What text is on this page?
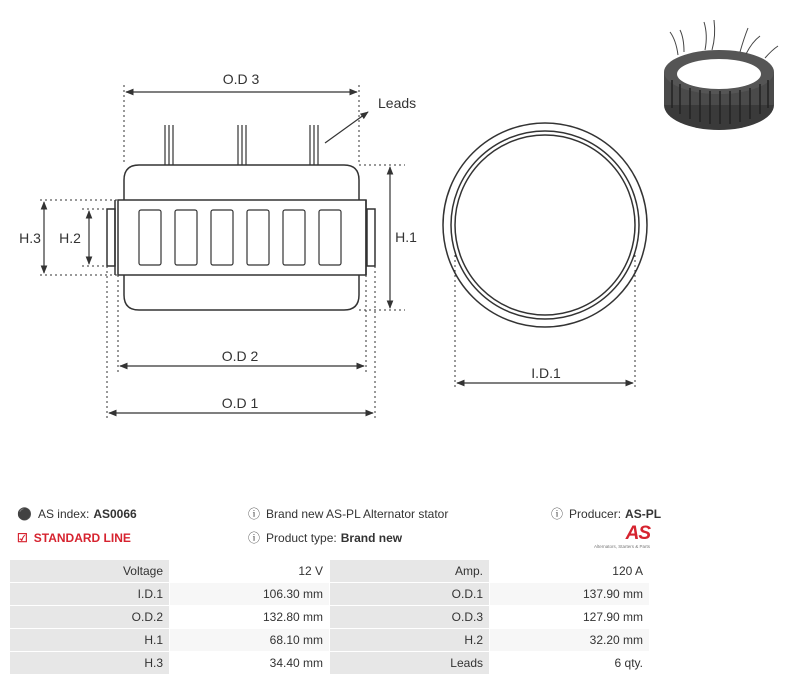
O.D 3
Leads
H.3 H.2	H.1
O.D 2
O.D 1
I.D.1
⚫ AS index: AS0066
☑ STANDARD LINE
ⓘ Brand new AS-PL Alternator stator
ⓘ Product type: Brand new
ⓘ Producer: AS-PL
AS
Alternators, Starters & Parts
Voltage	12 V	Amp.	120 A
I.D.1	106.30 mm	O.D.1	137.90 mm
O.D.2	132.80 mm	O.D.3	127.90 mm
H.1	68.10 mm	H.2	32.20 mm
H.3	34.40 mm	Leads	6 qty.
